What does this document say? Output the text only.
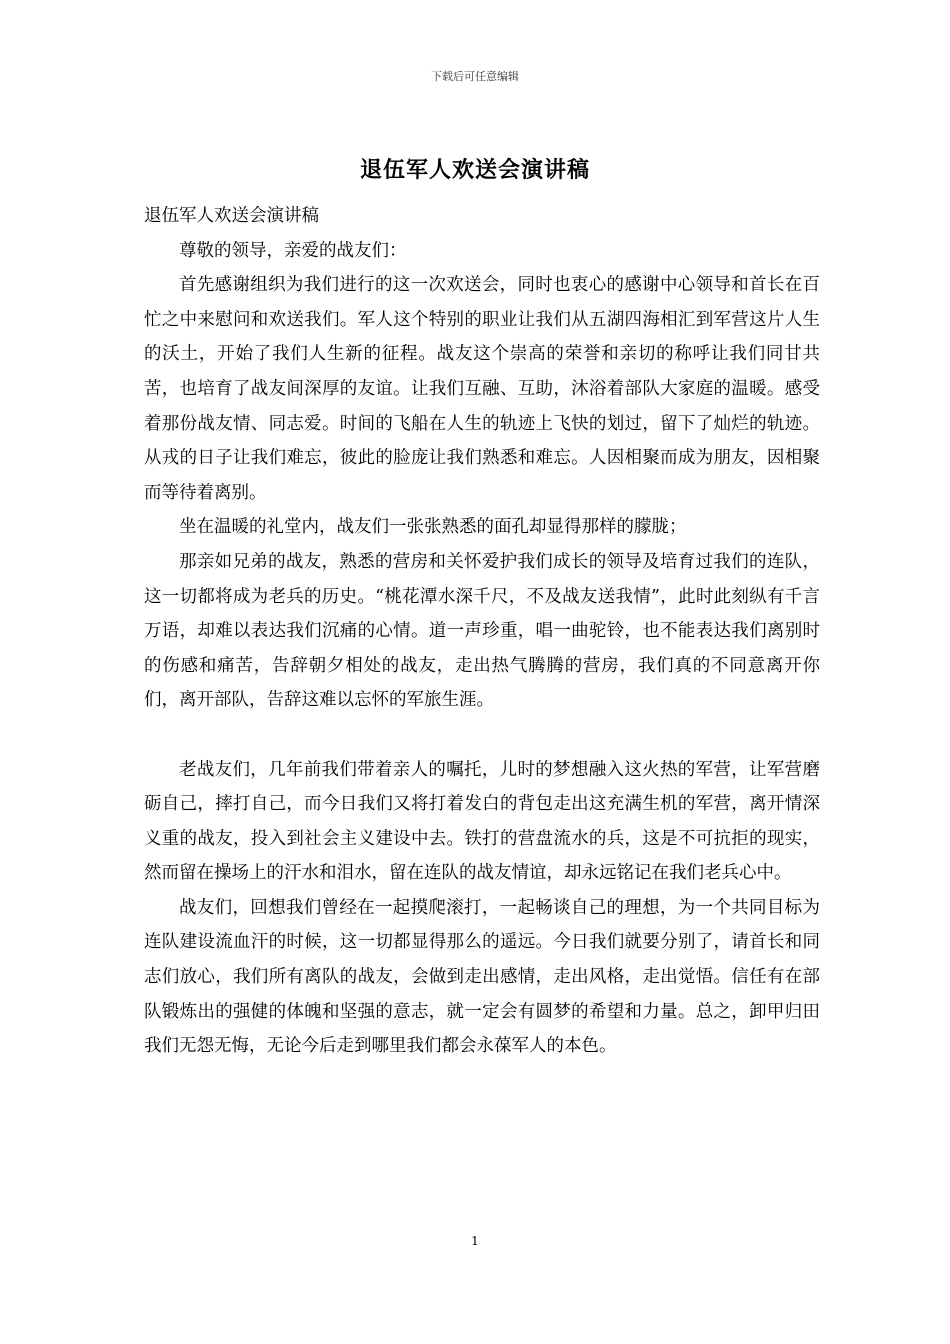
下载后可任意编辑
退伍军人欢送会演讲稿

退伍军人欢送会演讲稿

尊敬的领导，亲爱的战友们：

首先感谢组织为我们进行的这一次欢送会，同时也衷心的感谢中心领导和首长在百忙之中来慰问和欢送我们。军人这个特别的职业让我们从五湖四海相汇到军营这片人生的沃土，开始了我们人生新的征程。战友这个崇高的荣誉和亲切的称呼让我们同甘共苦，也培育了战友间深厚的友谊。让我们互融、互助，沐浴着部队大家庭的温暖。感受着那份战友情、同志爱。时间的飞船在人生的轨迹上飞快的划过，留下了灿烂的轨迹。从戎的日子让我们难忘，彼此的脸庞让我们熟悉和难忘。人因相聚而成为朋友，因相聚而等待着离别。

坐在温暖的礼堂内，战友们一张张熟悉的面孔却显得那样的朦胧；

那亲如兄弟的战友，熟悉的营房和关怀爱护我们成长的领导及培育过我们的连队，这一切都将成为老兵的历史。“桃花潭水深千尺，不及战友送我情”，此时此刻纵有千言万语，却难以表达我们沉痛的心情。道一声珍重，唱一曲驼铃，也不能表达我们离别时的伤感和痛苦，告辞朝夕相处的战友，走出热气腾腾的营房，我们真的不同意离开你们，离开部队，告辞这难以忘怀的军旅生涯。

老战友们，几年前我们带着亲人的嘱托，儿时的梦想融入这火热的军营，让军营磨砺自己，摔打自己，而今日我们又将打着发白的背包走出这充满生机的军营，离开情深义重的战友，投入到社会主义建设中去。铁打的营盘流水的兵，这是不可抗拒的现实，然而留在操场上的汗水和泪水，留在连队的战友情谊，却永远铭记在我们老兵心中。

战友们，回想我们曾经在一起摸爬滚打，一起畅谈自己的理想，为一个共同目标为连队建设流血汗的时候，这一切都显得那么的遥远。今日我们就要分别了，请首长和同志们放心，我们所有离队的战友，会做到走出感情，走出风格，走出觉悟。信任有在部队锻炼出的强健的体魄和坚强的意志，就一定会有圆梦的希望和力量。总之，卸甲归田我们无怨无悔，无论今后走到哪里我们都会永葆军人的本色。

1
